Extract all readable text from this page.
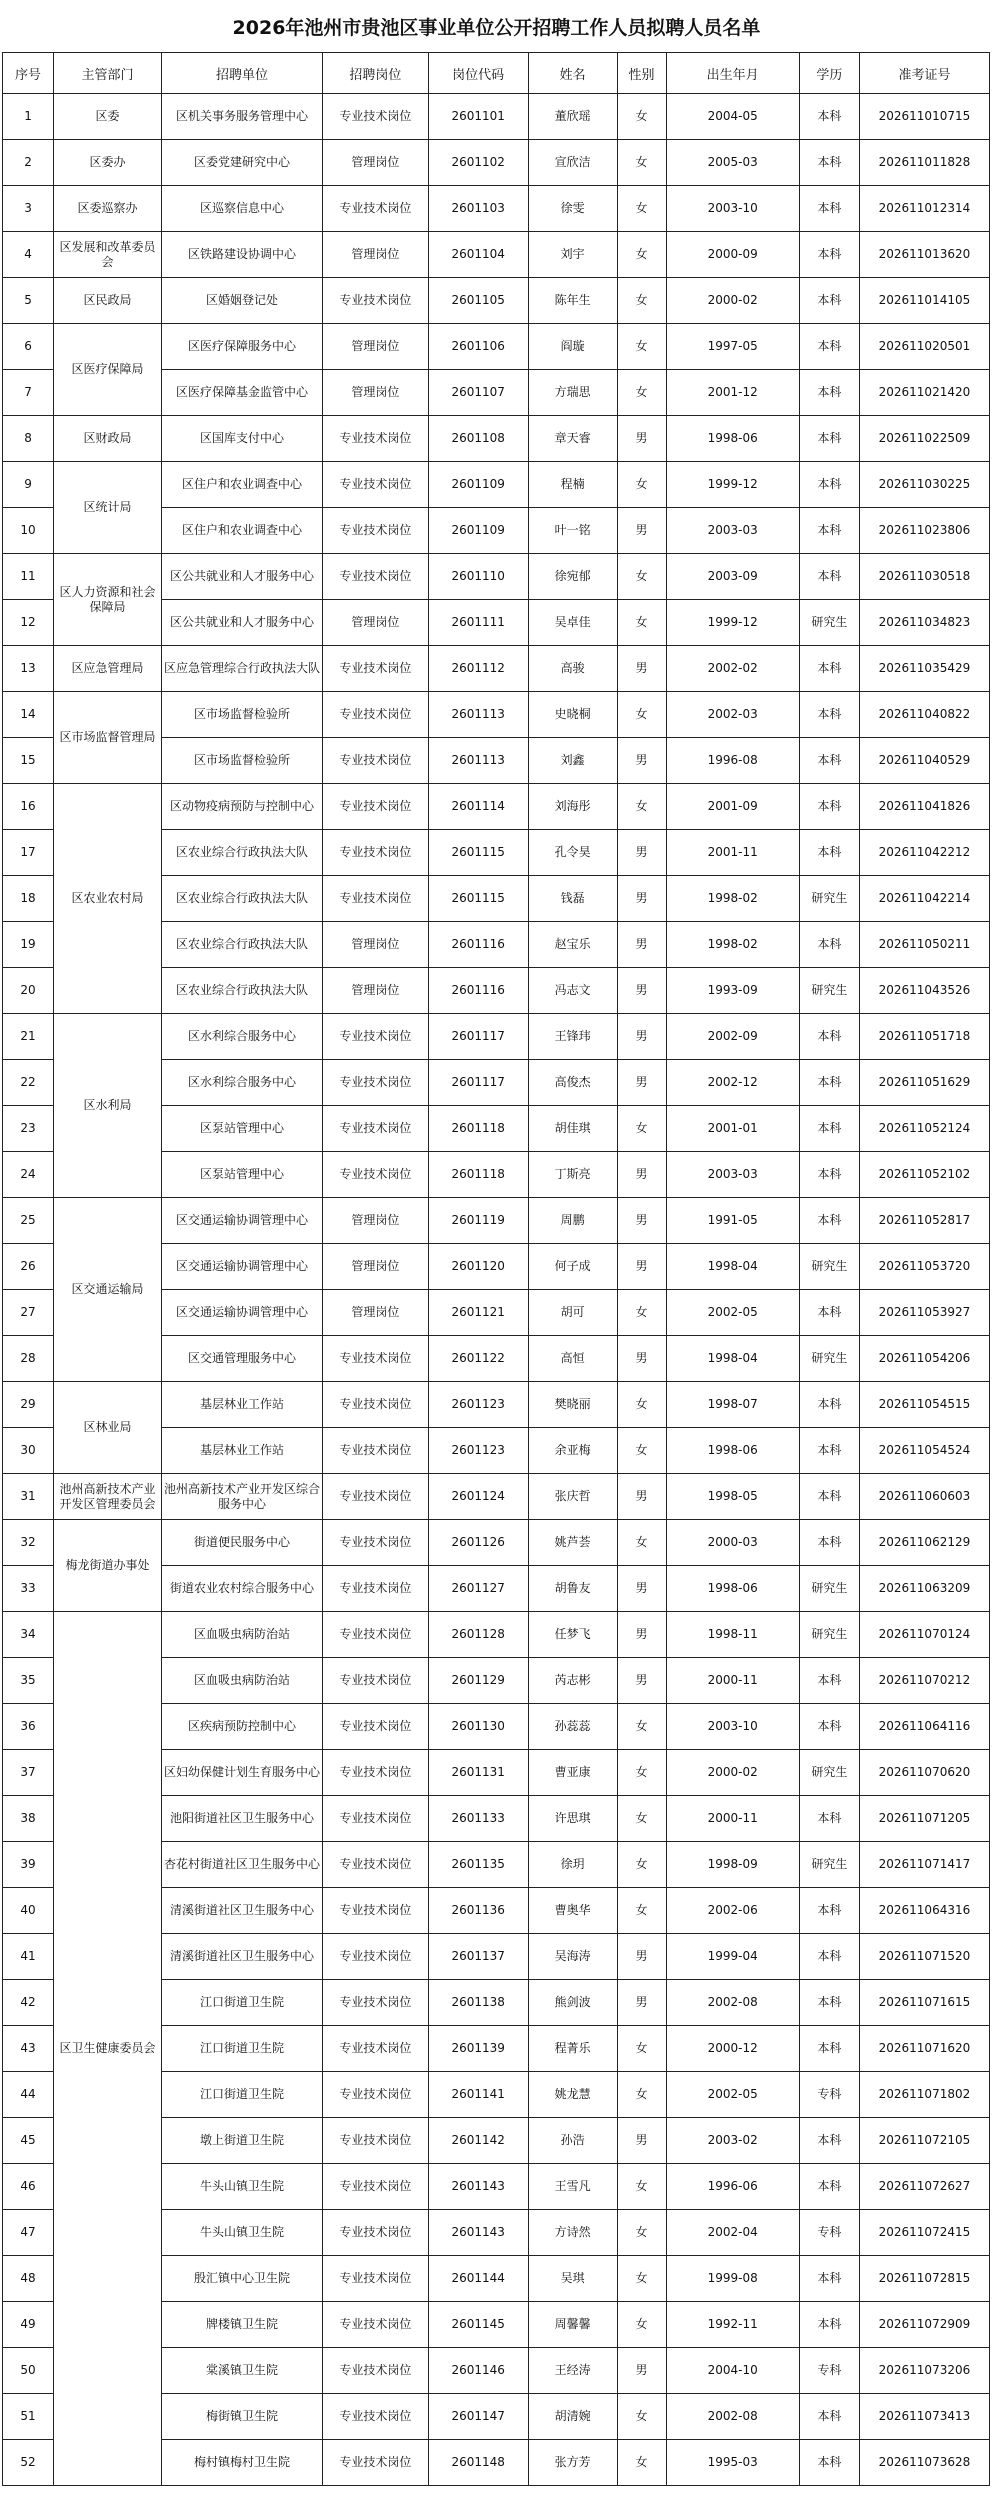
2026年池州市贵池区事业单位公开招聘工作人员拟聘人员名单
序号	主管部门	招聘单位	招聘岗位	岗位代码	姓名	性别	出生年月	学历	准考证号
1	区委	区机关事务服务管理中心	专业技术岗位	2601101	董欣瑶	女	2004-05	本科	202611010715
2	区委办	区委党建研究中心	管理岗位	2601102	宣欣洁	女	2005-03	本科	202611011828
3	区委巡察办	区巡察信息中心	专业技术岗位	2601103	徐雯	女	2003-10	本科	202611012314
4	区发展和改革委员会	区铁路建设协调中心	管理岗位	2601104	刘宇	女	2000-09	本科	202611013620
5	区民政局	区婚姻登记处	专业技术岗位	2601105	陈年生	女	2000-02	本科	202611014105
6	区医疗保障局	区医疗保障服务中心	管理岗位	2601106	阎璇	女	1997-05	本科	202611020501
7		区医疗保障基金监管中心	管理岗位	2601107	方瑞思	女	2001-12	本科	202611021420
8	区财政局	区国库支付中心	专业技术岗位	2601108	章天睿	男	1998-06	本科	202611022509
9	区统计局	区住户和农业调查中心	专业技术岗位	2601109	程楠	女	1999-12	本科	202611030225
10		区住户和农业调查中心	专业技术岗位	2601109	叶一铭	男	2003-03	本科	202611023806
11	区人力资源和社会保障局	区公共就业和人才服务中心	专业技术岗位	2601110	徐宛郁	女	2003-09	本科	202611030518
12		区公共就业和人才服务中心	管理岗位	2601111	吴卓佳	女	1999-12	研究生	202611034823
13	区应急管理局	区应急管理综合行政执法大队	专业技术岗位	2601112	高骏	男	2002-02	本科	202611035429
14	区市场监督管理局	区市场监督检验所	专业技术岗位	2601113	史晓桐	女	2002-03	本科	202611040822
15		区市场监督检验所	专业技术岗位	2601113	刘鑫	男	1996-08	本科	202611040529
16	区农业农村局	区动物疫病预防与控制中心	专业技术岗位	2601114	刘海彤	女	2001-09	本科	202611041826
17		区农业综合行政执法大队	专业技术岗位	2601115	孔令昊	男	2001-11	本科	202611042212
18		区农业综合行政执法大队	专业技术岗位	2601115	钱磊	男	1998-02	研究生	202611042214
19		区农业综合行政执法大队	管理岗位	2601116	赵宝乐	男	1998-02	本科	202611050211
20		区农业综合行政执法大队	管理岗位	2601116	冯志文	男	1993-09	研究生	202611043526
21	区水利局	区水利综合服务中心	专业技术岗位	2601117	王锋玮	男	2002-09	本科	202611051718
22		区水利综合服务中心	专业技术岗位	2601117	高俊杰	男	2002-12	本科	202611051629
23		区泵站管理中心	专业技术岗位	2601118	胡佳琪	女	2001-01	本科	202611052124
24		区泵站管理中心	专业技术岗位	2601118	丁斯亮	男	2003-03	本科	202611052102
25	区交通运输局	区交通运输协调管理中心	管理岗位	2601119	周鹏	男	1991-05	本科	202611052817
26		区交通运输协调管理中心	管理岗位	2601120	何子成	男	1998-04	研究生	202611053720
27		区交通运输协调管理中心	管理岗位	2601121	胡可	女	2002-05	本科	202611053927
28		区交通管理服务中心	专业技术岗位	2601122	高恒	男	1998-04	研究生	202611054206
29	区林业局	基层林业工作站	专业技术岗位	2601123	樊晓丽	女	1998-07	本科	202611054515
30		基层林业工作站	专业技术岗位	2601123	余亚梅	女	1998-06	本科	202611054524
31	池州高新技术产业开发区管理委员会	池州高新技术产业开发区综合服务中心	专业技术岗位	2601124	张庆哲	男	1998-05	本科	202611060603
32	梅龙街道办事处	街道便民服务中心	专业技术岗位	2601126	姚芦荟	女	2000-03	本科	202611062129
33		街道农业农村综合服务中心	专业技术岗位	2601127	胡鲁友	男	1998-06	研究生	202611063209
34	区卫生健康委员会	区血吸虫病防治站	专业技术岗位	2601128	任梦飞	男	1998-11	研究生	202611070124
35		区血吸虫病防治站	专业技术岗位	2601129	芮志彬	男	2000-11	本科	202611070212
36		区疾病预防控制中心	专业技术岗位	2601130	孙蕊蕊	女	2003-10	本科	202611064116
37		区妇幼保健计划生育服务中心	专业技术岗位	2601131	曹亚康	女	2000-02	研究生	202611070620
38		池阳街道社区卫生服务中心	专业技术岗位	2601133	许思琪	女	2000-11	本科	202611071205
39		杏花村街道社区卫生服务中心	专业技术岗位	2601135	徐玥	女	1998-09	研究生	202611071417
40		清溪街道社区卫生服务中心	专业技术岗位	2601136	曹奥华	女	2002-06	本科	202611064316
41		清溪街道社区卫生服务中心	专业技术岗位	2601137	吴海涛	男	1999-04	本科	202611071520
42		江口街道卫生院	专业技术岗位	2601138	熊剑波	男	2002-08	本科	202611071615
43		江口街道卫生院	专业技术岗位	2601139	程菁乐	女	2000-12	本科	202611071620
44		江口街道卫生院	专业技术岗位	2601141	姚龙慧	女	2002-05	专科	202611071802
45		墩上街道卫生院	专业技术岗位	2601142	孙浩	男	2003-02	本科	202611072105
46		牛头山镇卫生院	专业技术岗位	2601143	王雪凡	女	1996-06	本科	202611072627
47		牛头山镇卫生院	专业技术岗位	2601143	方诗然	女	2002-04	专科	202611072415
48		殷汇镇中心卫生院	专业技术岗位	2601144	吴琪	女	1999-08	本科	202611072815
49		牌楼镇卫生院	专业技术岗位	2601145	周馨馨	女	1992-11	本科	202611072909
50		棠溪镇卫生院	专业技术岗位	2601146	王经涛	男	2004-10	专科	202611073206
51		梅街镇卫生院	专业技术岗位	2601147	胡清婉	女	2002-08	本科	202611073413
52		梅村镇梅村卫生院	专业技术岗位	2601148	张方芳	女	1995-03	本科	202611073628
